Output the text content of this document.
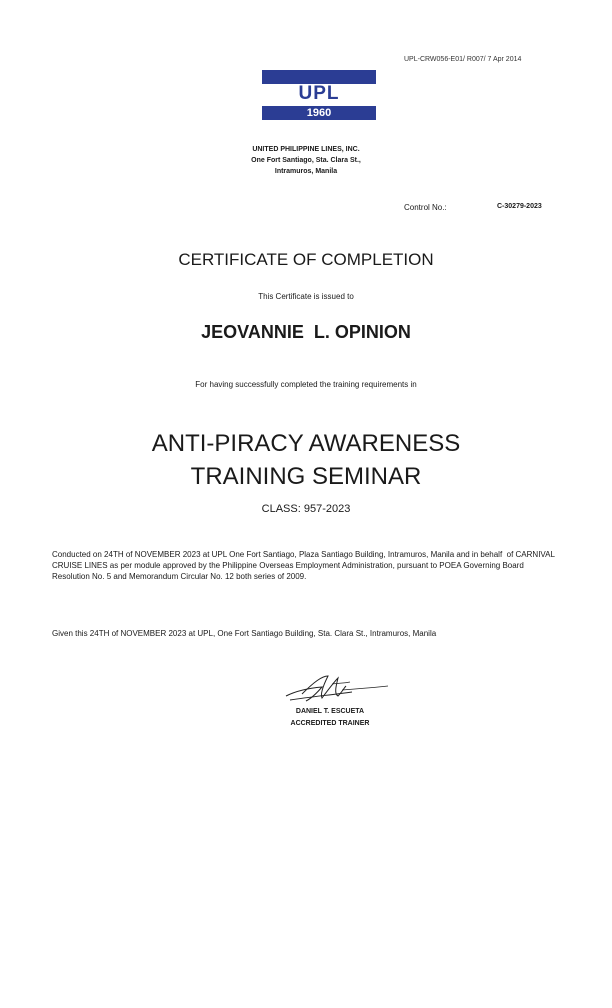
UPL-CRW056-E01/ R007/ 7 Apr 2014
UPL
1960
UNITED PHILIPPINE LINES, INC.
One Fort Santiago, Sta. Clara St.,
Intramuros, Manila
Control No.:	C-30279-2023
CERTIFICATE OF COMPLETION
This Certificate is issued to
JEOVANNIE  L. OPINION
For having successfully completed the training requirements in
ANTI-PIRACY AWARENESS
TRAINING SEMINAR
CLASS: 957-2023
Conducted on 24TH of NOVEMBER 2023 at UPL One Fort Santiago, Plaza Santiago Building, Intramuros, Manila and in behalf  of CARNIVAL CRUISE LINES as per module approved by the Philippine Overseas Employment Administration, pursuant to POEA Governing Board Resolution No. 5 and Memorandum Circular No. 12 both series of 2009.
Given this 24TH of NOVEMBER 2023 at UPL, One Fort Santiago Building, Sta. Clara St., Intramuros, Manila
DANIEL T. ESCUETA
ACCREDITED TRAINER
